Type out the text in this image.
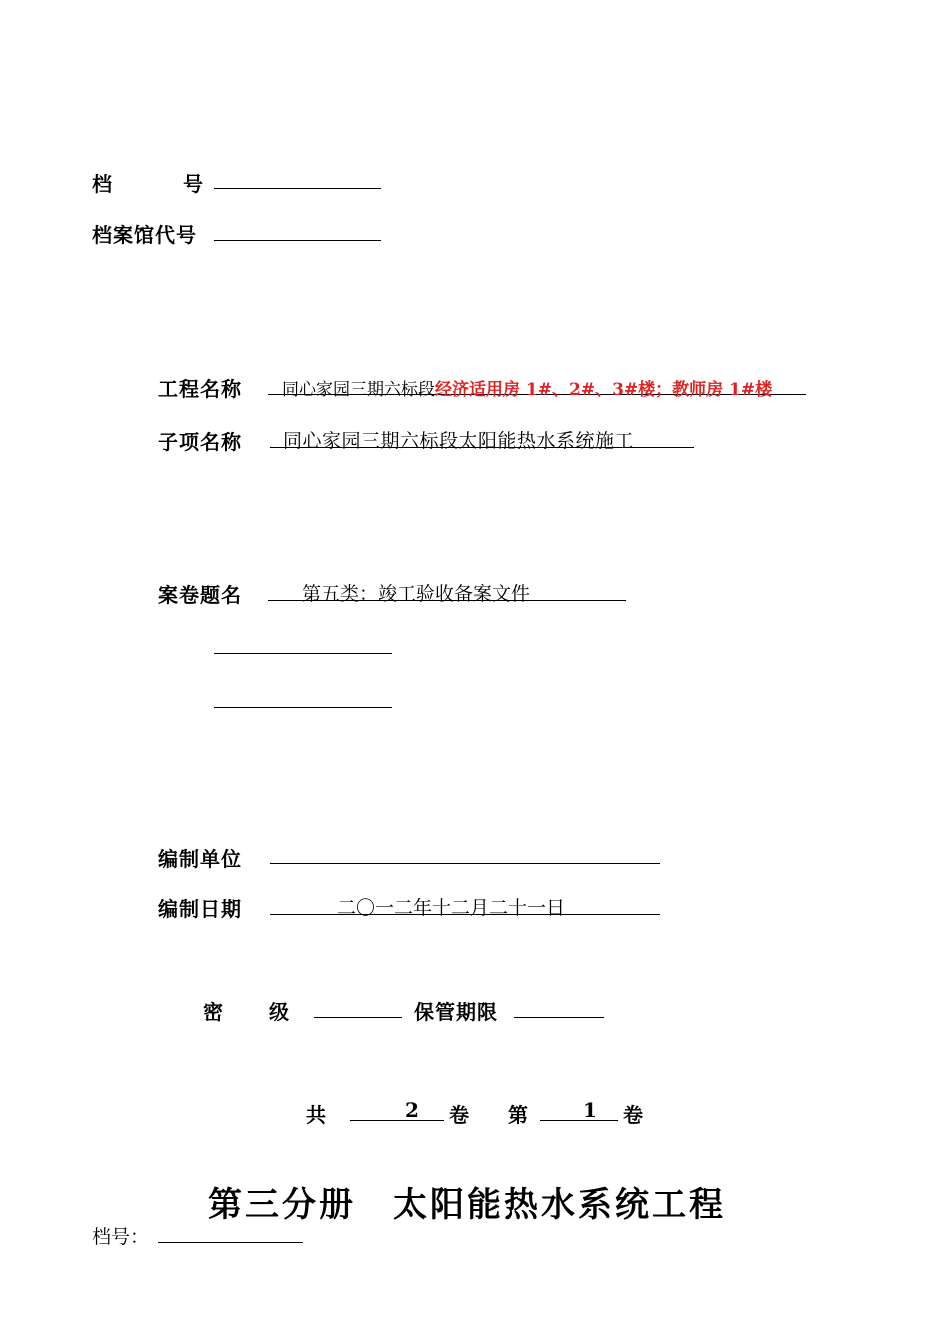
档	号
档案馆代号
工程名称 同心家园三期六标段经济适用房 1#、2#、3#楼；教师房 1#楼
子项名称 同心家园三期六标段太阳能热水系统施工
案卷题名	第五类：竣工验收备案文件
编制单位
编制日期	二〇一二年十二月二十一日
密 级	保管期限
共	2 卷 第	1 卷
第三分册　太阳能热水系统工程
档号：
